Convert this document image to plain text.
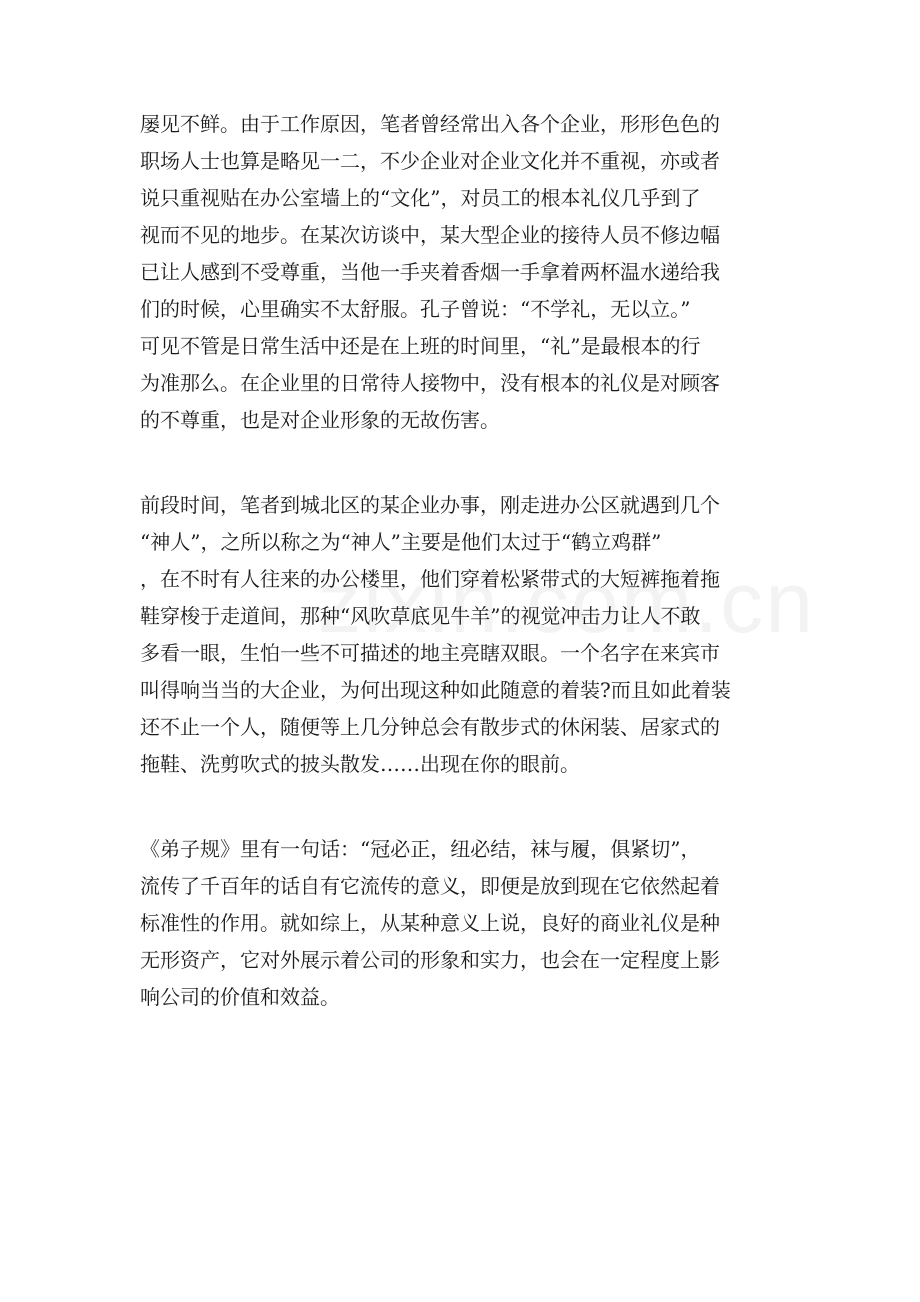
屡见不鲜。由于工作原因，笔者曾经常出入各个企业，形形色色的
职场人士也算是略见一二，不少企业对企业文化并不重视，亦或者
说只重视贴在办公室墙上的“文化”，对员工的根本礼仪几乎到了
视而不见的地步。在某次访谈中，某大型企业的接待人员不修边幅
已让人感到不受尊重，当他一手夹着香烟一手拿着两杯温水递给我
们的时候，心里确实不太舒服。孔子曾说：“不学礼，无以立。”
可见不管是日常生活中还是在上班的时间里，“礼”是最根本的行
为准那么。在企业里的日常待人接物中，没有根本的礼仪是对顾客
的不尊重，也是对企业形象的无故伤害。
前段时间，笔者到城北区的某企业办事，刚走进办公区就遇到几个
“神人”，之所以称之为“神人”主要是他们太过于“鹤立鸡群”
，在不时有人往来的办公楼里，他们穿着松紧带式的大短裤拖着拖
鞋穿梭于走道间，那种“风吹草底见牛羊”的视觉冲击力让人不敢
多看一眼，生怕一些不可描述的地主亮瞎双眼。一个名字在来宾市
叫得响当当的大企业，为何出现这种如此随意的着装?而且如此着装
还不止一个人，随便等上几分钟总会有散步式的休闲装、居家式的
拖鞋、洗剪吹式的披头散发……出现在你的眼前。
《弟子规》里有一句话：“冠必正，纽必结，袜与履，俱紧切”，
流传了千百年的话自有它流传的意义，即便是放到现在它依然起着
标准性的作用。就如综上，从某种意义上说，良好的商业礼仪是种
无形资产，它对外展示着公司的形象和实力，也会在一定程度上影
响公司的价值和效益。
